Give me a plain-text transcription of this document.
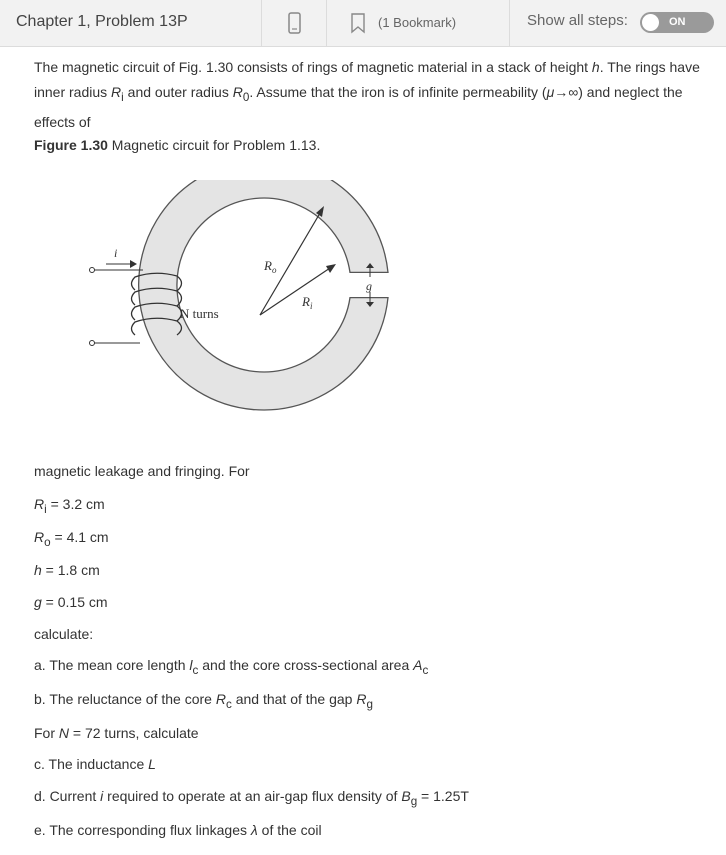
Chapter 1, Problem 13P	(1 Bookmark)	Show all steps:	ON

The magnetic circuit of Fig. 1.30 consists of rings of magnetic material in a stack of height h. The rings have inner radius $R_i$ and outer radius $R_0$. Assume that the iron is of infinite permeability (μ→∞) and neglect the effects of

Figure 1.30 Magnetic circuit for Problem 1.13.
g
$R_o$
$R_i$
i
N turns
magnetic leakage and fringing. For
$R_i = 3.2$ cm
$R_o = 4.1$ cm
h = 1.8 cm
g = 0.15 cm
calculate:
a. The mean core length $l_c$ and the core cross-sectional area $A_c$
b. The reluctance of the core $R_c$ and that of the gap $R_g$
For N = 72 turns, calculate
c. The inductance L
d. Current i required to operate at an air-gap flux density of $B_g = 1.25T$
e. The corresponding flux linkages λ of the coil
